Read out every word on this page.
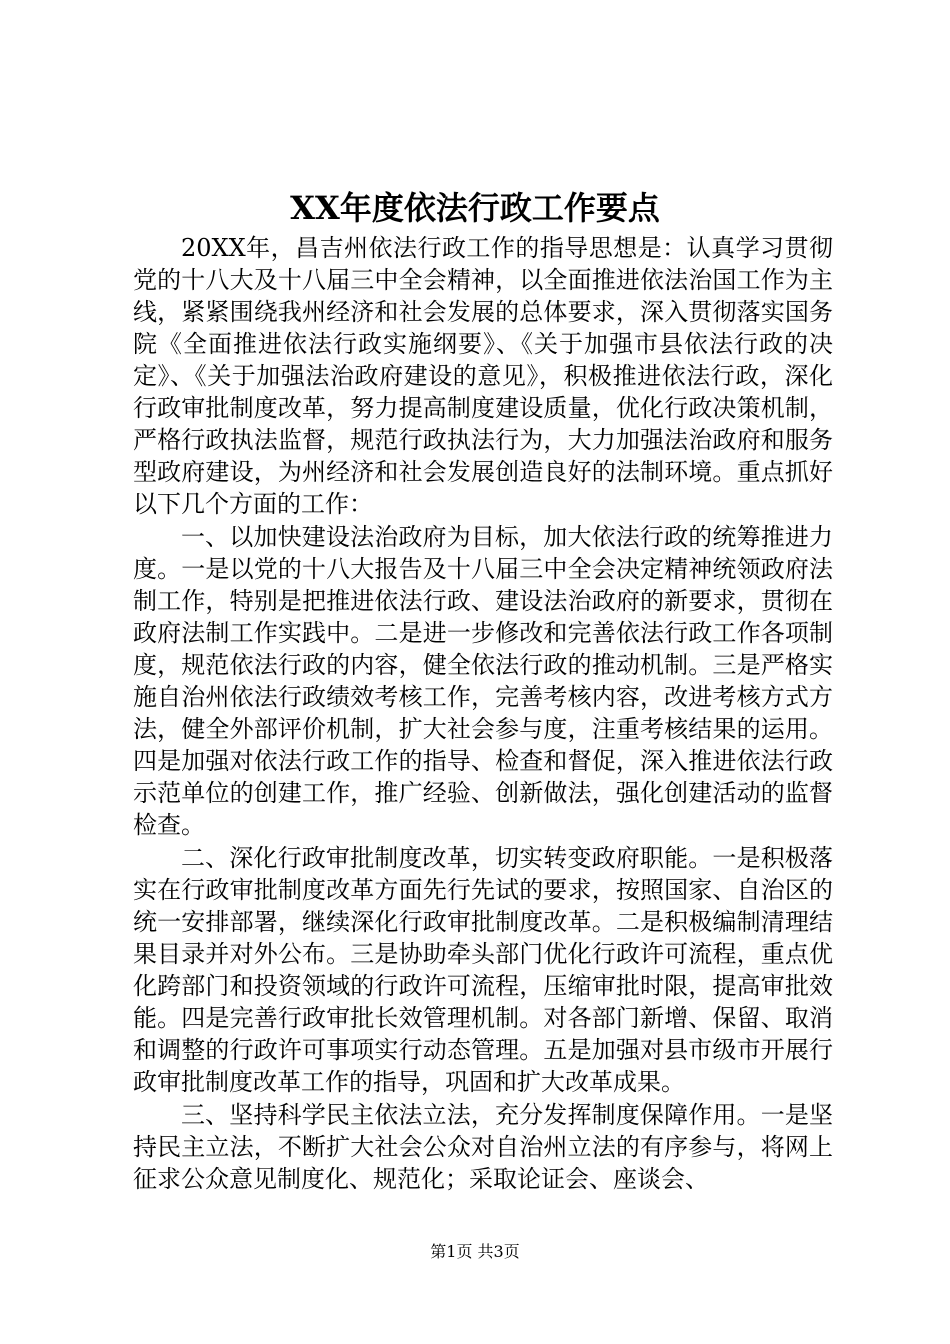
XX年度依法行政工作要点

20XX年，昌吉州依法行政工作的指导思想是：认真学习贯彻党的十八大及十八届三中全会精神，以全面推进依法治国工作为主线，紧紧围绕我州经济和社会发展的总体要求，深入贯彻落实国务院《全面推进依法行政实施纲要》、《关于加强市县依法行政的决定》、《关于加强法治政府建设的意见》，积极推进依法行政，深化行政审批制度改革，努力提高制度建设质量，优化行政决策机制，严格行政执法监督，规范行政执法行为，大力加强法治政府和服务型政府建设，为州经济和社会发展创造良好的法制环境。重点抓好以下几个方面的工作：

一、以加快建设法治政府为目标，加大依法行政的统筹推进力度。一是以党的十八大报告及十八届三中全会决定精神统领政府法制工作，特别是把推进依法行政、建设法治政府的新要求，贯彻在政府法制工作实践中。二是进一步修改和完善依法行政工作各项制度，规范依法行政的内容，健全依法行政的推动机制。三是严格实施自治州依法行政绩效考核工作，完善考核内容，改进考核方式方法，健全外部评价机制，扩大社会参与度，注重考核结果的运用。四是加强对依法行政工作的指导、检查和督促，深入推进依法行政示范单位的创建工作，推广经验、创新做法，强化创建活动的监督检查。

二、深化行政审批制度改革，切实转变政府职能。一是积极落实在行政审批制度改革方面先行先试的要求，按照国家、自治区的统一安排部署，继续深化行政审批制度改革。二是积极编制清理结果目录并对外公布。三是协助牵头部门优化行政许可流程，重点优化跨部门和投资领域的行政许可流程，压缩审批时限，提高审批效能。四是完善行政审批长效管理机制。对各部门新增、保留、取消和调整的行政许可事项实行动态管理。五是加强对县市级市开展行政审批制度改革工作的指导，巩固和扩大改革成果。

三、坚持科学民主依法立法，充分发挥制度保障作用。一是坚持民主立法，不断扩大社会公众对自治州立法的有序参与，将网上征求公众意见制度化、规范化；采取论证会、座谈会、

第1页 共3页
